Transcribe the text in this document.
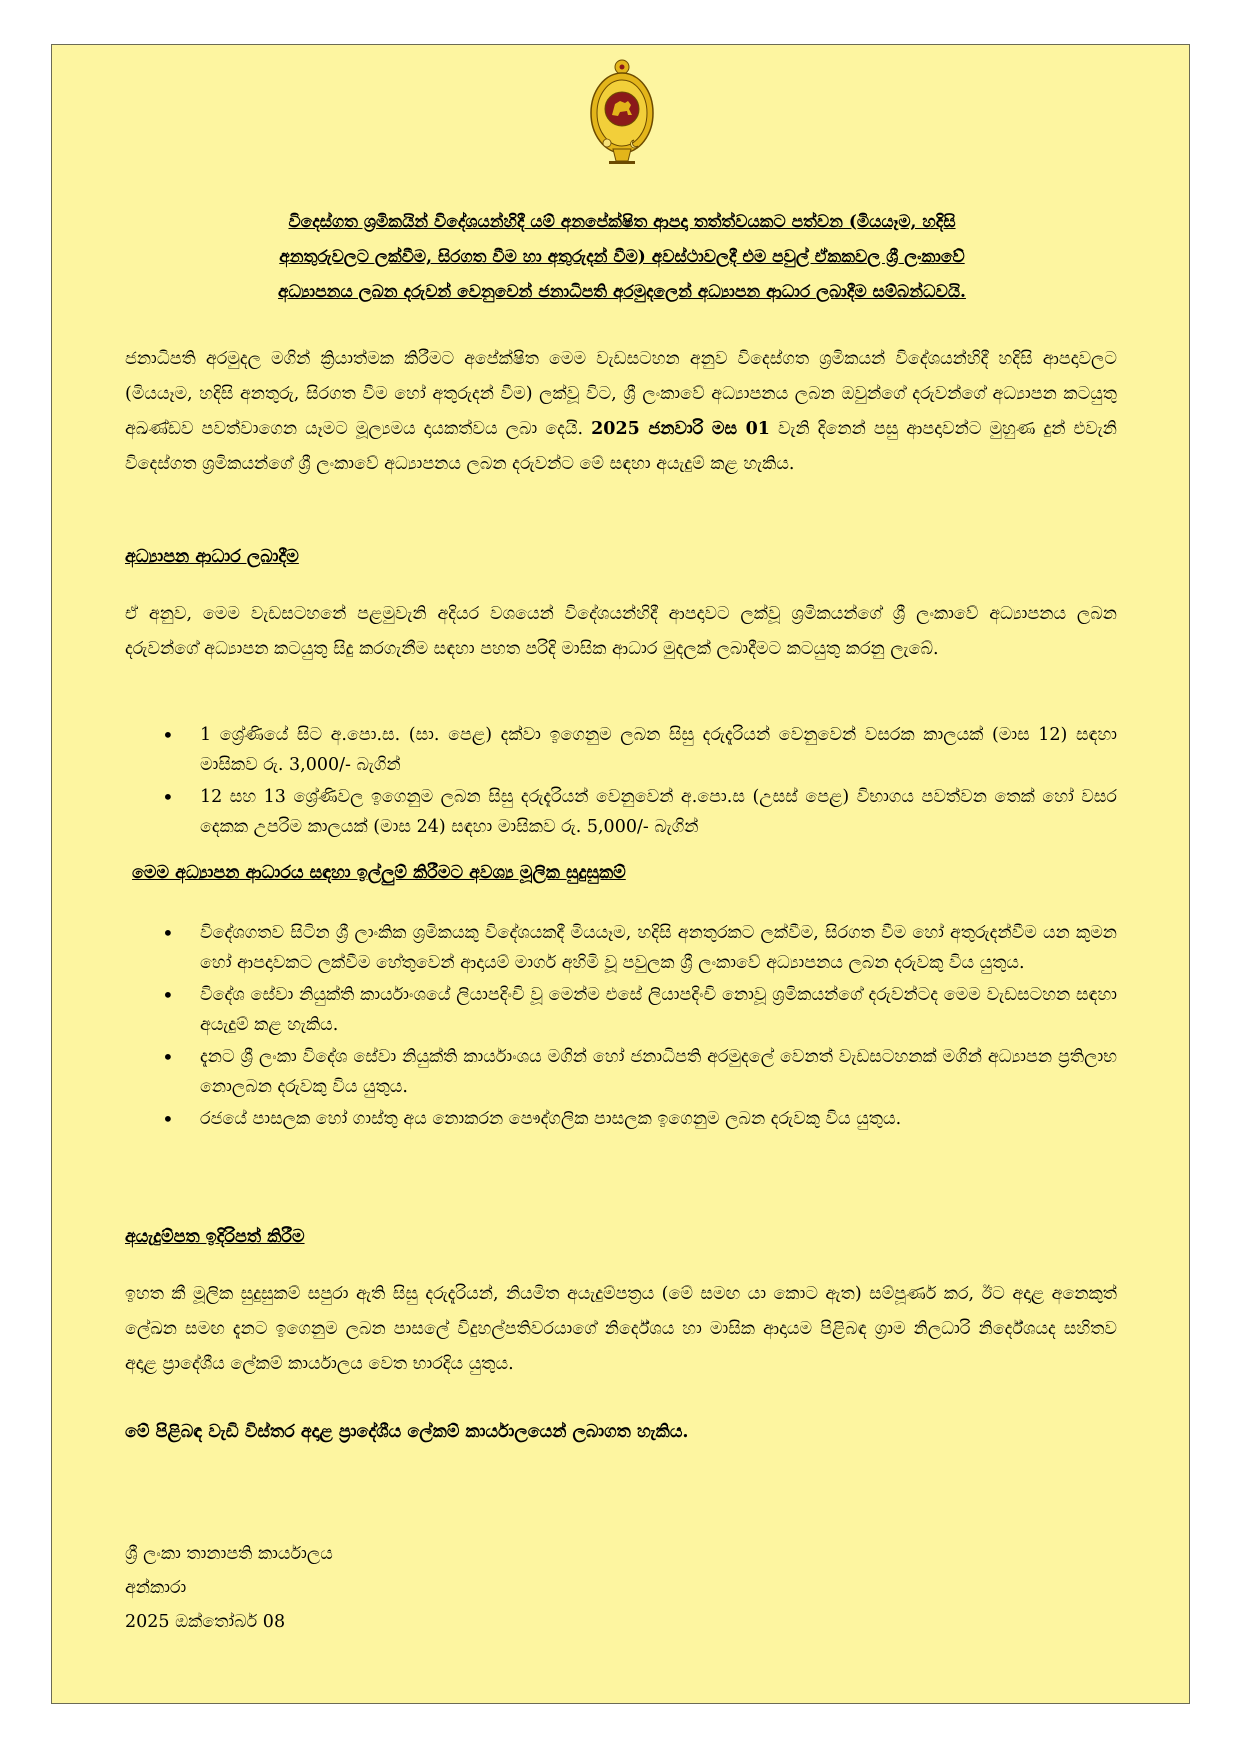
විදෙස්ගත ශ්‍රමිකයින් විදේශයන්හිදී යම් අනපේක්ෂිත ආපදා තත්ත්වයකට පත්වන (මියයෑම, හදිසි
අනතුරුවලට ලක්වීම, සිරගත වීම හා අතුරුදන් වීම) අවස්ථාවලදී එම පවුල් ඒකකවල ශ්‍රී ලංකාවේ
අධ්‍යාපනය ලබන දරුවන් වෙනුවෙන් ජනාධිපති අරමුදලෙන් අධ්‍යාපන ආධාර ලබාදීම සම්බන්ධවයි.
ජනාධිපති අරමුදල මගින් ක්‍රියාත්මක කිරීමට අපේක්ෂිත මෙම වැඩසටහන අනුව විදෙස්ගත ශ්‍රමිකයන් විදේශයන්හිදී හදිසි ආපදාවලට (මියයෑම, හදිසි අනතුරු, සිරගත වීම හෝ අතුරුදන් වීම) ලක්වූ විට, ශ්‍රී ලංකාවේ අධ්‍යාපනය ලබන ඔවුන්ගේ දරුවන්ගේ අධ්‍යාපන කටයුතු අඛණ්ඩව පවත්වාගෙන යෑමට මූල්‍යමය දායකත්වය ලබා දෙයි. 2025 ජනවාරි මස 01 වැනි දිනෙන් පසු ආපදාවන්ට මුහුණ දුන් එවැනි විදෙස්ගත ශ්‍රමිකයන්ගේ ශ්‍රී ලංකාවේ අධ්‍යාපනය ලබන දරුවන්ට මේ සඳහා අයැදුම් කළ හැකිය.
අධ්‍යාපන ආධාර ලබාදීම
ඒ අනුව, මෙම වැඩසටහනේ පළමුවැනි අදියර වශයෙන් විදේශයන්හිදී ආපදාවට ලක්වූ ශ්‍රමිකයන්ගේ ශ්‍රී ලංකාවේ අධ්‍යාපනය ලබන දරුවන්ගේ අධ්‍යාපන කටයුතු සිදු කරගැනීම සඳහා පහත පරිදි මාසික ආධාර මුදලක් ලබාදීමට කටයුතු කරනු ලැබේ.
• 1 ශ්‍රේණියේ සිට අ.පො.ස. (සා. පෙළ) දක්වා ඉගෙනුම ලබන සිසු දරුදැරියන් වෙනුවෙන් වසරක කාලයක් (මාස 12) සඳහා මාසිකව රු. 3,000/- බැගින්
• 12 සහ 13 ශ්‍රේණිවල ඉගෙනුම ලබන සිසු දරුදැරියන් වෙනුවෙන් අ.පො.ස (උසස් පෙළ) විභාගය පවත්වන තෙක් හෝ වසර දෙකක උපරිම කාලයක් (මාස 24) සඳහා මාසිකව රු. 5,000/- බැගින්
මෙම අධ්‍යාපන ආධාරය සඳහා ඉල්ලුම් කිරීමට අවශ්‍ය මූලික සුදුසුකම්
• විදේශගතව සිටින ශ්‍රී ලාංකික ශ්‍රමිකයකු විදේශයකදී මියයෑම, හදිසි අනතුරකට ලක්වීම, සිරගත වීම හෝ අතුරුදන්වීම යන කුමන හෝ ආපදාවකට ලක්වීම හේතුවෙන් ආදායම් මාර්ග අහිමි වූ පවුලක ශ්‍රී ලංකාවේ අධ්‍යාපනය ලබන දරුවකු විය යුතුය.
• විදේශ සේවා නියුක්ති කාර්යාංශයේ ලියාපදිංචි වූ මෙන්ම එසේ ලියාපදිංචි නොවූ ශ්‍රමිකයන්ගේ දරුවන්ටද මෙම වැඩසටහන සඳහා අයැදුම් කළ හැකිය.
• දැනට ශ්‍රී ලංකා විදේශ සේවා නියුක්ති කාර්යාංශය මගින් හෝ ජනාධිපති අරමුදලේ වෙනත් වැඩසටහනක් මගින් අධ්‍යාපන ප්‍රතිලාභ නොලබන දරුවකු විය යුතුය.
• රජයේ පාසලක හෝ ගාස්තු අය නොකරන පෞද්ගලික පාසලක ඉගෙනුම ලබන දරුවකු විය යුතුය.
අයැදුම්පත ඉදිරිපත් කිරීම
ඉහත කී මූලික සුදුසුකම් සපුරා ඇති සිසු දරුදැරියන්, නියමිත අයැදුම්පත්‍රය (මේ සමඟ යා කොට ඇත) සම්පූර්ණ කර, ඊට අදාළ අනෙකුත් ලේඛන සමඟ දැනට ඉගෙනුම ලබන පාසලේ විදුහල්පතිවරයාගේ නිර්දේශය හා මාසික ආදායම පිළිබඳ ග්‍රාම නිලධාරි නිර්දේශයද සහිතව අදාළ ප්‍රාදේශීය ලේකම් කාර්යාලය වෙත භාරදිය යුතුය.
මේ පිළිබඳ වැඩි විස්තර අදාළ ප්‍රාදේශීය ලේකම් කාර්යාලයෙන් ලබාගත හැකිය.
ශ්‍රී ලංකා තානාපති කාර්යාලය
අන්කාරා
2025 ඔක්තෝබර් 08
